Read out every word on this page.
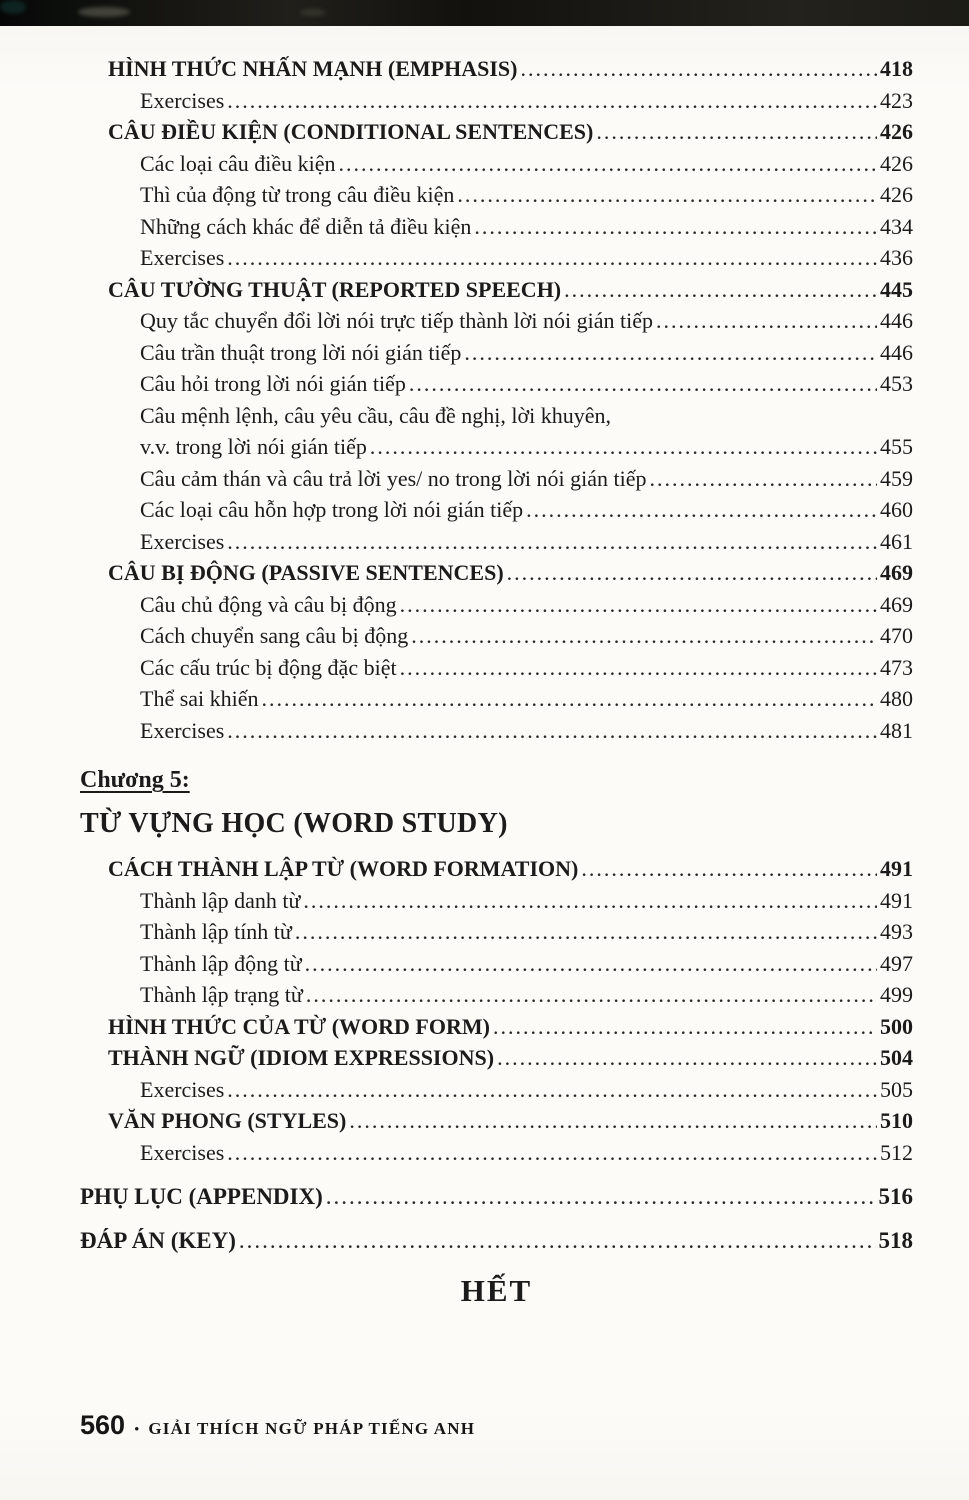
HÌNH THỨC NHẤN MẠNH (EMPHASIS) .....	418
Exercises .....	423
CÂU ĐIỀU KIỆN (CONDITIONAL SENTENCES) .....	426
Các loại câu điều kiện .....	426
Thì của động từ trong câu điều kiện .....	426
Những cách khác để diễn tả điều kiện .....	434
Exercises .....	436
CÂU TƯỜNG THUẬT (REPORTED SPEECH) .....	445
Quy tắc chuyển đổi lời nói trực tiếp thành lời nói gián tiếp .....	446
Câu trần thuật trong lời nói gián tiếp .....	446
Câu hỏi trong lời nói gián tiếp .....	453
Câu mệnh lệnh, câu yêu cầu, câu đề nghị, lời khuyên,
v.v. trong lời nói gián tiếp .....	455
Câu cảm thán và câu trả lời yes/ no trong lời nói gián tiếp .....	459
Các loại câu hỗn hợp trong lời nói gián tiếp .....	460
Exercises .....	461
CÂU BỊ ĐỘNG (PASSIVE SENTENCES) .....	469
Câu chủ động và câu bị động .....	469
Cách chuyển sang câu bị động .....	470
Các cấu trúc bị động đặc biệt .....	473
Thể sai khiến .....	480
Exercises .....	481
Chương 5:
TỪ VỰNG HỌC (WORD STUDY)
CÁCH THÀNH LẬP TỪ (WORD FORMATION) .....	491
Thành lập danh từ .....	491
Thành lập tính từ .....	493
Thành lập động từ .....	497
Thành lập trạng từ .....	499
HÌNH THỨC CỦA TỪ (WORD FORM) .....	500
THÀNH NGỮ (IDIOM EXPRESSIONS) .....	504
Exercises .....	505
VĂN PHONG (STYLES) .....	510
Exercises .....	512
PHỤ LỤC (APPENDIX) .....	516
ĐÁP ÁN (KEY) .....	518
HẾT
560 • GIẢI THÍCH NGỮ PHÁP TIẾNG ANH
